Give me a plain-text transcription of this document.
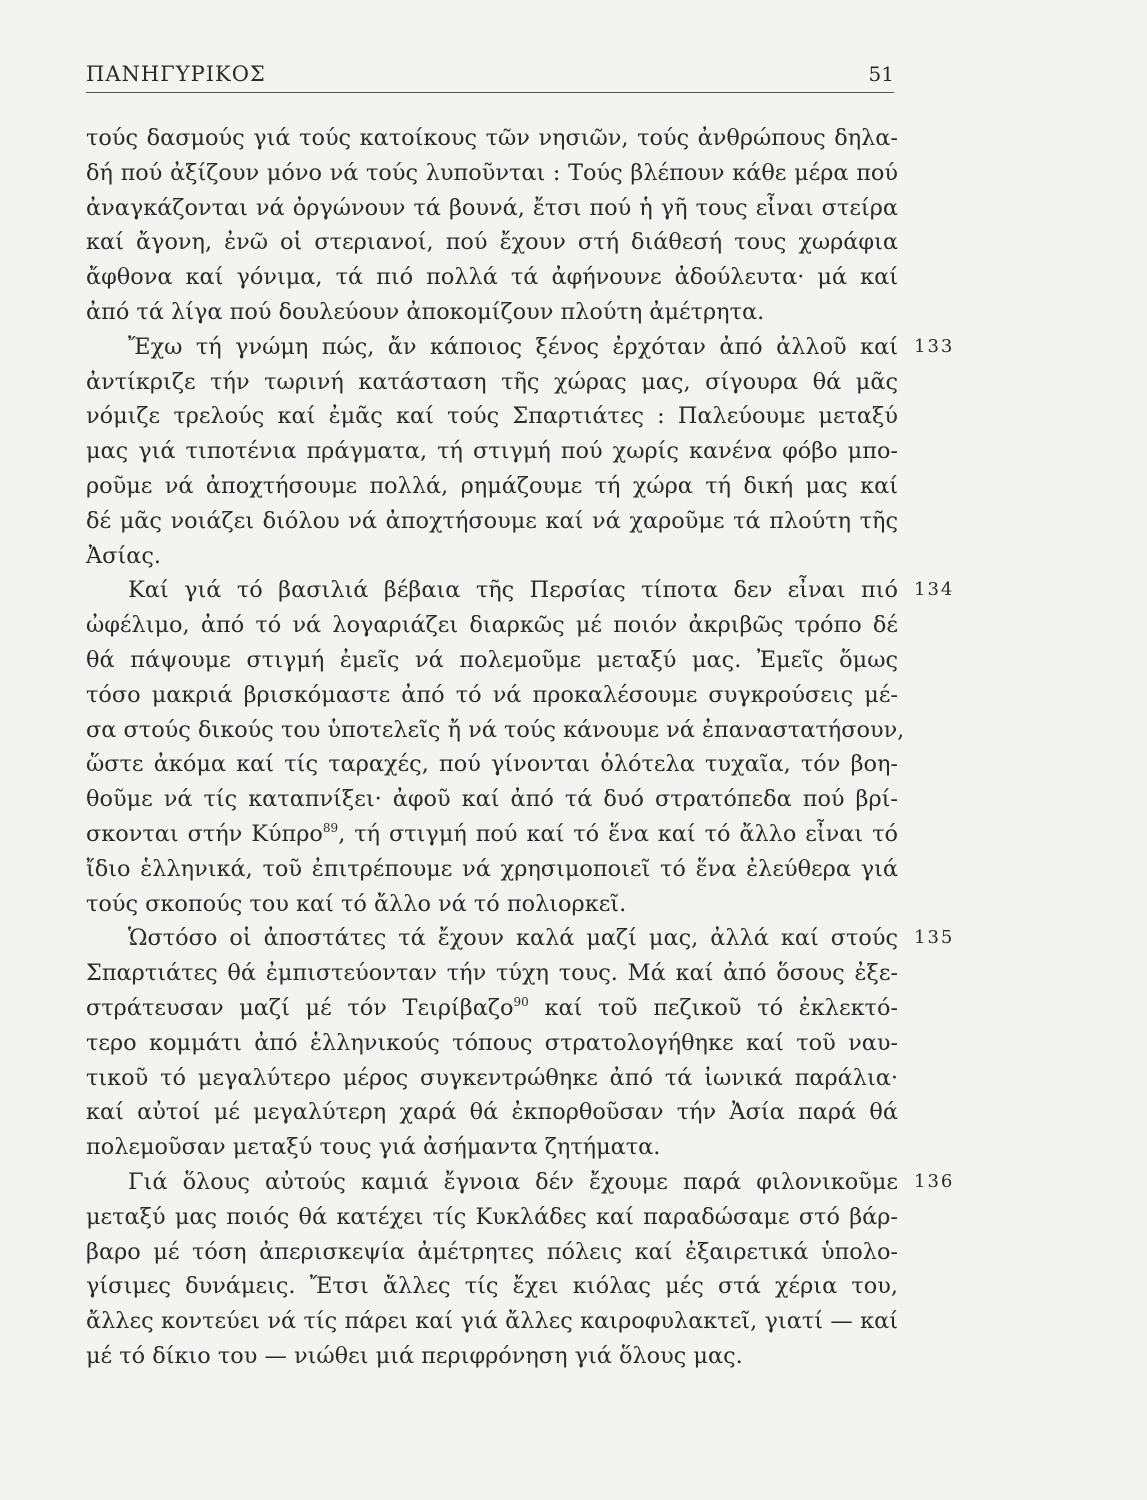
ΠΑΝΗΓΥΡΙΚΟΣ	51
τούς δασμούς γιά τούς κατοίκους τῶν νησιῶν, τούς ἀνθρώπους δηλα-
δή πού ἀξίζουν μόνο νά τούς λυποῦνται : Τούς βλέπουν κάθε μέρα πού
ἀναγκάζονται νά ὀργώνουν τά βουνά, ἔτσι πού ἡ γῆ τους εἶναι στείρα
καί ἄγονη, ἐνῶ οἱ στεριανοί, πού ἔχουν στή διάθεσή τους χωράφια
ἄφθονα καί γόνιμα, τά πιό πολλά τά ἀφήνουνε ἀδούλευτα· μά καί
ἀπό τά λίγα πού δουλεύουν ἀποκομίζουν πλούτη ἀμέτρητα.
Ἔχω τή γνώμη πώς, ἄν κάποιος ξένος ἐρχόταν ἀπό ἀλλοῦ καί 133
ἀντίκριζε τήν τωρινή κατάσταση τῆς χώρας μας, σίγουρα θά μᾶς
νόμιζε τρελούς καί ἐμᾶς καί τούς Σπαρτιάτες : Παλεύουμε μεταξύ
μας γιά τιποτένια πράγματα, τή στιγμή πού χωρίς κανένα φόβο μπο-
ροῦμε νά ἀποχτήσουμε πολλά, ρημάζουμε τή χώρα τή δική μας καί
δέ μᾶς νοιάζει διόλου νά ἀποχτήσουμε καί νά χαροῦμε τά πλούτη τῆς
Ἀσίας.
Καί γιά τό βασιλιά βέβαια τῆς Περσίας τίποτα δεν εἶναι πιό 134
ὠφέλιμο, ἀπό τό νά λογαριάζει διαρκῶς μέ ποιόν ἀκριβῶς τρόπο δέ
θά πάψουμε στιγμή ἐμεῖς νά πολεμοῦμε μεταξύ μας. Ἐμεῖς ὅμως
τόσο μακριά βρισκόμαστε ἀπό τό νά προκαλέσουμε συγκρούσεις μέ-
σα στούς δικούς του ὑποτελεῖς ἤ νά τούς κάνουμε νά ἐπαναστατήσουν,
ὥστε ἀκόμα καί τίς ταραχές, πού γίνονται ὁλότελα τυχαῖα, τόν βοη-
θοῦμε νά τίς καταπνίξει· ἀφοῦ καί ἀπό τά δυό στρατόπεδα πού βρί-
σκονται στήν Κύπρο$^{89}$, τή στιγμή πού καί τό ἕνα καί τό ἄλλο εἶναι τό
ἴδιο ἑλληνικά, τοῦ ἐπιτρέπουμε νά χρησιμοποιεῖ τό ἕνα ἐλεύθερα γιά
τούς σκοπούς του καί τό ἄλλο νά τό πολιορκεῖ.
Ὡστόσο οἱ ἀποστάτες τά ἔχουν καλά μαζί μας, ἀλλά καί στούς 135
Σπαρτιάτες θά ἐμπιστεύονταν τήν τύχη τους. Μά καί ἀπό ὅσους ἐξε-
στράτευσαν μαζί μέ τόν Τειρίβαζο$^{90}$ καί τοῦ πεζικοῦ τό ἐκλεκτό-
τερο κομμάτι ἀπό ἑλληνικούς τόπους στρατολογήθηκε καί τοῦ ναυ-
τικοῦ τό μεγαλύτερο μέρος συγκεντρώθηκε ἀπό τά ἰωνικά παράλια·
καί αὐτοί μέ μεγαλύτερη χαρά θά ἐκπορθοῦσαν τήν Ἀσία παρά θά
πολεμοῦσαν μεταξύ τους γιά ἀσήμαντα ζητήματα.
Γιά ὅλους αὐτούς καμιά ἔγνοια δέν ἔχουμε παρά φιλονικοῦμε 136
μεταξύ μας ποιός θά κατέχει τίς Κυκλάδες καί παραδώσαμε στό βάρ-
βαρο μέ τόση ἀπερισκεψία ἀμέτρητες πόλεις καί ἐξαιρετικά ὑπολο-
γίσιμες δυνάμεις. Ἔτσι ἄλλες τίς ἔχει κιόλας μές στά χέρια του,
ἄλλες κοντεύει νά τίς πάρει καί γιά ἄλλες καιροφυλακτεῖ, γιατί — καί
μέ τό δίκιο του — νιώθει μιά περιφρόνηση γιά ὅλους μας.
